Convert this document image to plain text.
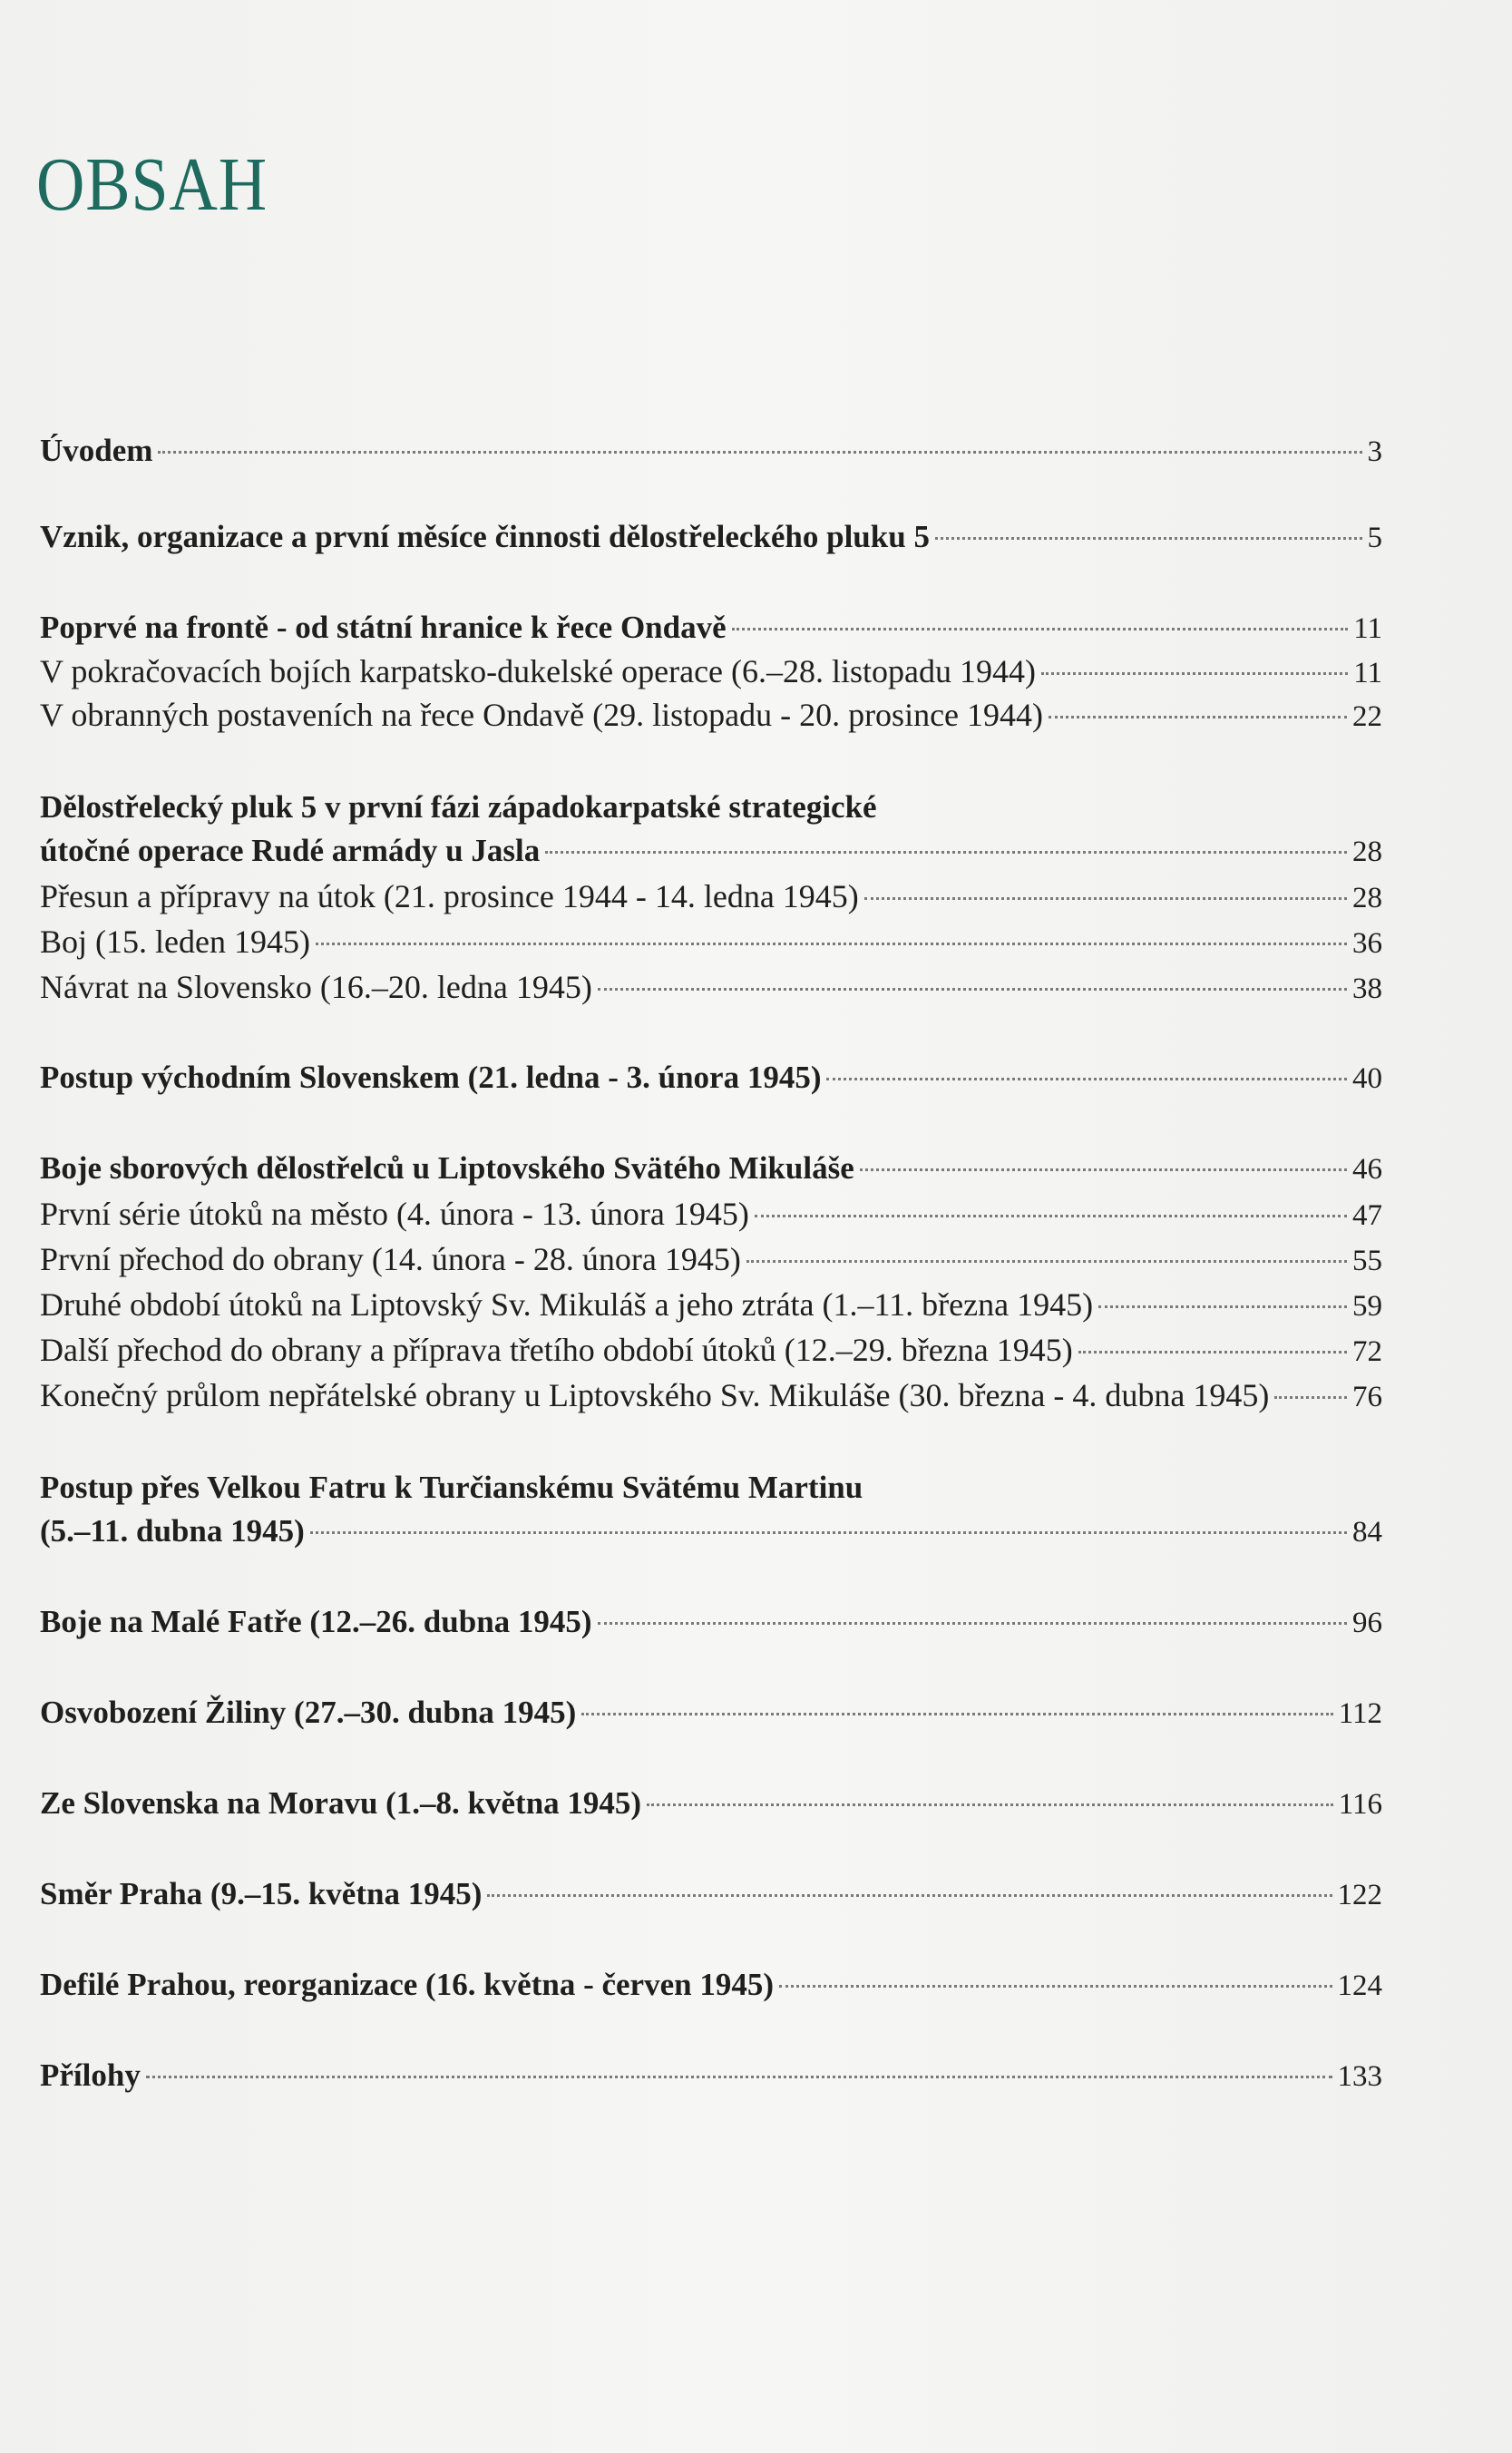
OBSAH
Úvodem	3
Vznik, organizace a první měsíce činnosti dělostřeleckého pluku 5	5
Poprvé na frontě - od státní hranice k řece Ondavě	11
V pokračovacích bojích karpatsko-dukelské operace (6.–28. listopadu 1944)	11
V obranných postaveních na řece Ondavě (29. listopadu - 20. prosince 1944)	22
Dělostřelecký pluk 5 v první fázi západokarpatské strategické
útočné operace Rudé armády u Jasla	28
Přesun a přípravy na útok (21. prosince 1944 - 14. ledna 1945)	28
Boj (15. leden 1945)	36
Návrat na Slovensko (16.–20. ledna 1945)	38
Postup východním Slovenskem (21. ledna - 3. února 1945)	40
Boje sborových dělostřelců u Liptovského Svätého Mikuláše	46
První série útoků na město (4. února - 13. února 1945)	47
První přechod do obrany (14. února - 28. února 1945)	55
Druhé období útoků na Liptovský Sv. Mikuláš a jeho ztráta (1.–11. března 1945)	59
Další přechod do obrany a příprava třetího období útoků (12.–29. března 1945)	72
Konečný průlom nepřátelské obrany u Liptovského Sv. Mikuláše (30. března - 4. dubna 1945)	76
Postup přes Velkou Fatru k Turčianskému Svätému Martinu
(5.–11. dubna 1945)	84
Boje na Malé Fatře (12.–26. dubna 1945)	96
Osvobození Žiliny (27.–30. dubna 1945)	112
Ze Slovenska na Moravu (1.–8. května 1945)	116
Směr Praha (9.–15. května 1945)	122
Defilé Prahou, reorganizace (16. května - červen 1945)	124
Přílohy	133
